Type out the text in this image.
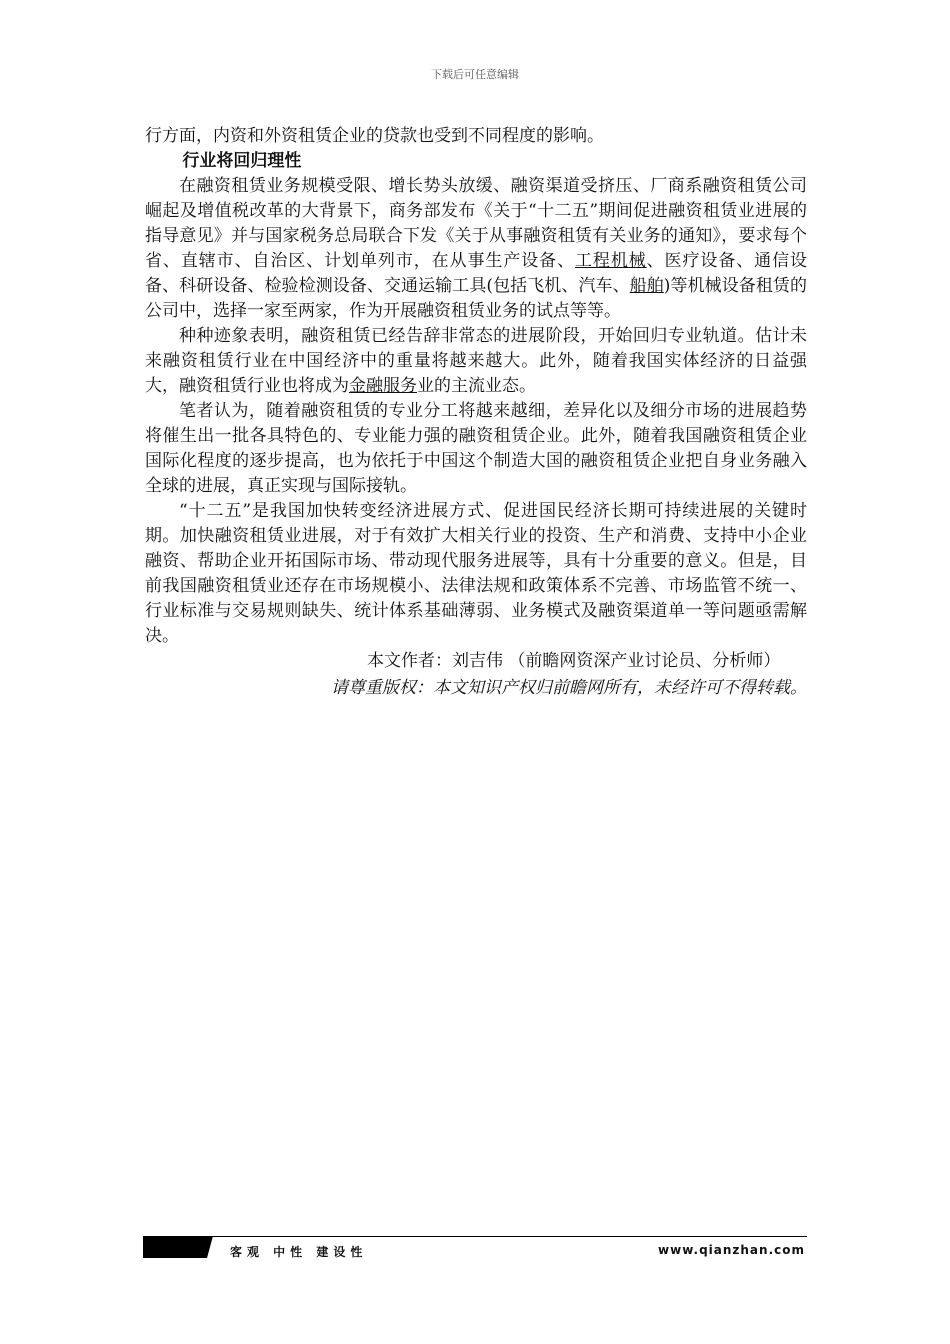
下载后可任意编辑

行方面，内资和外资租赁企业的贷款也受到不同程度的影响。

行业将回归理性

在融资租赁业务规模受限、增长势头放缓、融资渠道受挤压、厂商系融资租赁公司崛起及增值税改革的大背景下，商务部发布《关于“十二五”期间促进融资租赁业进展的指导意见》并与国家税务总局联合下发《关于从事融资租赁有关业务的通知》，要求每个省、直辖市、自治区、计划单列市，在从事生产设备、工程机械、医疗设备、通信设备、科研设备、检验检测设备、交通运输工具(包括飞机、汽车、船舶)等机械设备租赁的公司中，选择一家至两家，作为开展融资租赁业务的试点等等。

种种迹象表明，融资租赁已经告辞非常态的进展阶段，开始回归专业轨道。估计未来融资租赁行业在中国经济中的重量将越来越大。此外，随着我国实体经济的日益强大，融资租赁行业也将成为金融服务业的主流业态。

笔者认为，随着融资租赁的专业分工将越来越细，差异化以及细分市场的进展趋势将催生出一批各具特色的、专业能力强的融资租赁企业。此外，随着我国融资租赁企业国际化程度的逐步提高，也为依托于中国这个制造大国的融资租赁企业把自身业务融入全球的进展，真正实现与国际接轨。

“十二五”是我国加快转变经济进展方式、促进国民经济长期可持续进展的关键时期。加快融资租赁业进展，对于有效扩大相关行业的投资、生产和消费、支持中小企业融资、帮助企业开拓国际市场、带动现代服务进展等，具有十分重要的意义。但是，目前我国融资租赁业还存在市场规模小、法律法规和政策体系不完善、市场监管不统一、行业标准与交易规则缺失、统计体系基础薄弱、业务模式及融资渠道单一等问题亟需解决。

本文作者：刘吉伟 （前瞻网资深产业讨论员、分析师）

请尊重版权：本文知识产权归前瞻网所有，未经许可不得转载。

客观 中性 建设性	www.qianzhan.com
